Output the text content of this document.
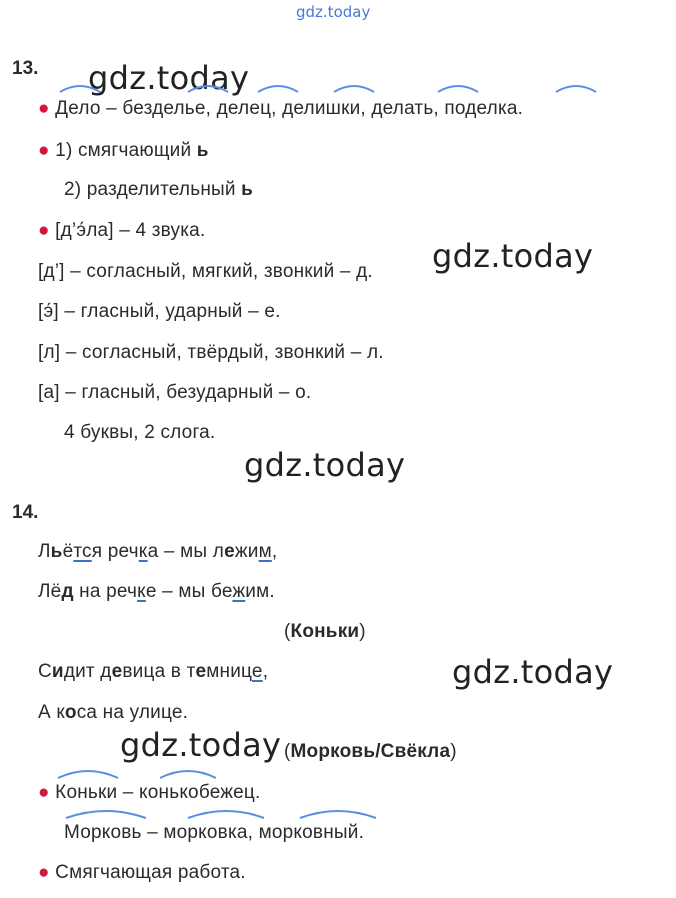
gdz.today
13. gdz.today
● Дело – безделье, делец, делишки, делать, поделка.
● 1) смягчающий ь
2) разделительный ь
● [д’э́ла] – 4 звука.
gdz.today
[д’] – согласный, мягкий, звонкий – д.
[э́] – гласный, ударный – е.
[л] – согласный, твёрдый, звонкий – л.
[а] – гласный, безударный – о.
4 буквы, 2 слога.
gdz.today
14.
Льётся речка – мы лежим,
Лёд на речке – мы бежим.
(Коньки)
Сидит девица в темнице,	gdz.today
А коса на улице.
gdz.today (Морковь/Свёкла)
● Коньки – конькобежец.
Морковь – морковка, морковный.
● Смягчающая работа.
